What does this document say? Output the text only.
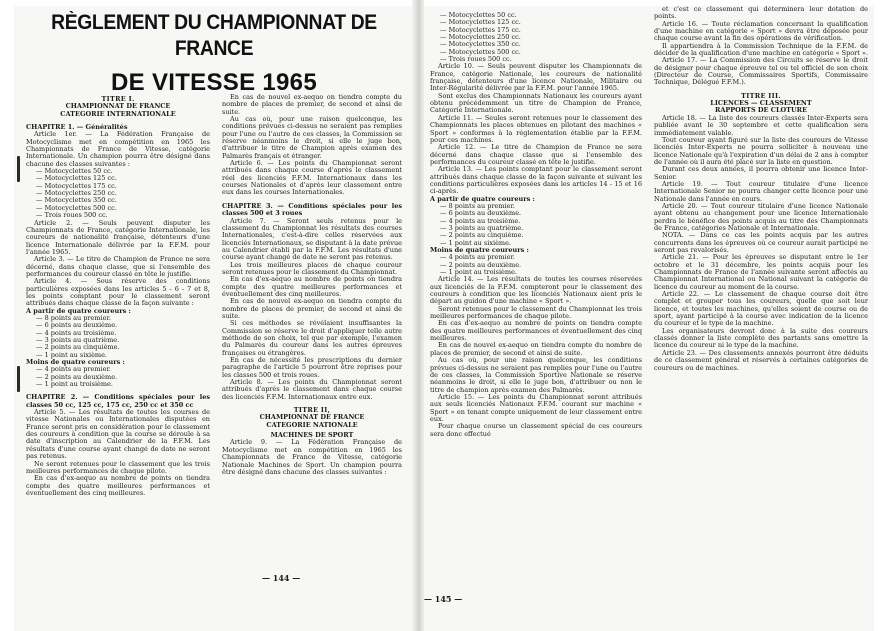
RÈGLEMENT DU CHAMPIONNAT DE FRANCE
DE VITESSE 1965

TITRE I.

CHAMPIONNAT DE FRANCE

CATEGORIE INTERNATIONALE

CHAPITRE 1. — Généralités

Article 1er. — La Fédération Française de Motocyclisme met en compétition en 1965 les Championnats de France de Vitesse, catégorie Internationale. Un champion pourra être désigné dans chacune des classes suivantes :

— Motocyclettes 50 cc.
— Motocyclettes 125 cc.
— Motocyclettes 175 cc.
— Motocyclettes 250 cc.
— Motocyclettes 350 cc.
— Motocyclettes 500 cc.
— Trois roues 500 cc.

Article 2. — Seuls peuvent disputer les Championnats de France, catégorie Internationale, les coureurs de nationalité française, détenteurs d'une licence Internationale délivrée par la F.F.M. pour l'année 1965.

Article 3. — Le titre de Champion de France ne sera décerné, dans chaque classe, que si l'ensemble des performances du coureur classé en tête le justifie.

Article 4. — Sous réserve des conditions particulières exposées dans les articles 5 - 6 - 7 et 8, les points comptant pour le classement seront attribués dans chaque classe de la façon suivante :

A partir de quatre coureurs :

— 8 points au premier.
— 6 points au deuxième.
— 4 points au troisième.
— 3 points au quatrième.
— 2 points au cinquième.
— 1 point au sixième.

Moins de quatre coureurs :

— 4 points au premier.
— 2 points au deuxième.
— 1 point au troisième.

CHAPITRE 2. — Conditions spéciales pour les classes 50 cc, 125 cc, 175 cc, 250 cc et 350 cc

Article 5. — Les résultats de toutes les courses de vitesse Nationales ou Internationales disputées en France seront pris en considération pour le classement des coureurs à condition que la course se déroule à sa date d'inscription au Calendrier de la F.F.M. Les résultats d'une course ayant changé de date ne seront pas retenus.

Ne seront retenues pour le classement que les trois meilleures performances de chaque pilote.

En cas d'ex-aequo au nombre de points on tiendra compte des quatre meilleures performances et éventuellement des cinq meilleures.

En cas de nouvel ex-aequo on tiendra compte du nombre de places de premier, de second et ainsi de suite.

Au cas où, pour une raison quelconque, les conditions prévues ci-dessus ne seraient pas remplies pour l'une ou l'autre de ces classes, la Commission se réserve néanmoins le droit, si elle le juge bon, d'attribuer le titre de Champion après examen des Palmarès français et étranger.

Article 6. — Les points du Championnat seront attribués dans chaque course d'après le classement réel des licenciés F.F.M. Internationaux dans les courses Nationales et d'après leur classement entre eux dans les courses Internationales.

CHAPITRE 3. — Conditions spéciales pour les classes 500 et 3 roues

Article 7. — Seront seuls retenus pour le classement du Championnat les résultats des courses Internationales, c'est-à-dire celles réservées aux licenciés Internationaux, se disputant à la date prévue au Calendrier établi par la F.F.M. Les résultats d'une course ayant changé de date ne seront pas retenus.

Les trois meilleures places de chaque coureur seront retenues pour le classement du Championnat.

En cas d'ex-aequo au nombre de points on tiendra compte des quatre meilleures performances et éventuellement des cinq meilleures.

En cas de nouvel ex-aequo on tiendra compte du nombre de places de premier, de second et ainsi de suite.

Si ces méthodes se révélaient insuffisantes la Commission se réserve le droit d'appliquer telle autre méthode de son choix, tel que par exemple, l'examen du Palmarès du coureur dans les autres épreuves françaises ou étrangères.

En cas de nécessité les prescriptions du dernier paragraphe de l'article 5 pourront être reprises pour les classes 500 et trois roues.

Article 8. — Les points du Championnat seront attribués d'après le classement dans chaque course des licenciés F.F.M. Internationaux entre eux.

TITRE II,

CHAMPIONNAT DE FRANCE

CATEGORIE NATIONALE

MACHINES DE SPORT

Article 9. — La Fédération Française de Motocyclisme met en compétition en 1965 les Championnats de France de Vitesse, catégorie Nationale Machines de Sport. Un champion pourra être désigné dans chacune des classes suivantes :

— 144 —
— Motocyclettes 50 cc.
— Motocyclettes 125 cc.
— Motocyclettes 175 cc.
— Motocyclettes 250 cc.
— Motocyclettes 350 cc.
— Motocyclettes 500 cc.
— Trois roues 500 cc.

Article 10. — Seuls peuvent disputer les Championnats de France, catégorie Nationale, les coureurs de nationalité française, détenteurs d'une licence Nationale, Militaire ou Inter-Régularité délivrée par la F.F.M. pour l'année 1965.

Sont exclus des Championnats Nationaux les coureurs ayant obtenu précédemment un titre de Champion de France, Catégorie Internationale.

Article 11. — Seules seront retenues pour le classement des Championnats les places obtenues en pilotant des machines « Sport » conformes à la réglementation établie par la F.F.M. pour ces machines.

Article 12. — Le titre de Champion de France ne sera décerné dans chaque classe que si l'ensemble des performances du coureur classé en tête le justifie.

Article 13. — Les points comptant pour le classement seront attribués dans chaque classe de la façon suivante et suivant les conditions particulières exposées dans les articles 14 - 15 et 16 ci-après.

A partir de quatre coureurs :

— 8 points au premier.
— 6 points au deuxième.
— 4 points au troisième.
— 3 points au quatrième.
— 2 points au cinquième.
— 1 point au sixième.

Moins de quatre coureurs :

— 4 points au premier.
— 2 points au deuxième.
— 1 point au troisième.

Article 14. — Les résultats de toutes les courses réservées aux licenciés de la F.F.M. compteront pour le classement des coureurs à condition que les licenciés Nationaux aient pris le départ au guidon d'une machine « Sport ».

Seront retenues pour le classement du Championnat les trois meilleures performances de chaque pilote.

En cas d'ex-aequo au nombre de points on tiendra compte des quatre meilleures performances et éventuellement des cinq meilleures.

En cas de nouvel ex-aequo on tiendra compte du nombre de places de premier, de second et ainsi de suite.

Au cas où, pour une raison quelconque, les conditions prévues ci-dessus ne seraient pas remplies pour l'une ou l'autre de ces classes, la Commission Sportive Nationale se réserve néanmoins le droit, si elle le juge bon, d'attribuer ou non le titre de champion après examen des Palmarès.

Article 15. — Les points du Championnat seront attribués aux seuls licenciés Nationaux F.F.M. courant sur machine « Sport » en tenant compte uniquement de leur classement entre eux.

Pour chaque course un classement spécial de ces coureurs sera donc effectué

et c'est ce classement qui déterminera leur dotation de points.

Article 16. — Toute réclamation concernant la qualification d'une machine en catégorie « Sport » devra être déposée pour chaque course avant la fin des opérations de vérification.

Il appartiendra à la Commission Technique de la F.F.M. de décider de la qualification d'une machine en catégorie « Sport ».

Article 17. — La Commission des Circuits se réserve le droit de désigner pour chaque épreuve tel ou tel officiel de son choix (Directeur de Course, Commissaires Sportifs, Commissaire Technique, Délégué F.F.M.).

TITRE III.

LICENCES — CLASSEMENT

RAPPORTS DE CLOTURE

Article 18. — La liste des coureurs classés Inter-Experts sera publiée avant le 30 septembre et cette qualification sera immédiatement valable.

Tout coureur ayant figuré sur la liste des coureurs de Vitesse licenciés Inter-Experts ne pourra solliciter à nouveau une licence Nationale qu'à l'expiration d'un délai de 2 ans à compter de l'année où il aura été placé sur la liste en question.

Durant ces deux années, il pourra obtenir une licence Inter-Senior.

Article 19. — Tout coureur titulaire d'une licence Internationale Senior ne pourra changer cette licence pour une Nationale dans l'année en cours.

Article 20. — Tout coureur titulaire d'une licence Nationale ayant obtenu au changement pour une licence Internationale perdra le bénéfice des points acquis au titre des Championnats de France, catégories Nationale et Internationale.

NOTA. — Dans ce cas les points acquis par les autres concurrents dans les épreuves où ce coureur aurait participé ne seront pas revalorisés.

Article 21. — Pour les épreuves se disputant entre le 1er octobre et le 31 décembre, les points acquis pour les Championnats de France de l'année suivante seront affectés au Championnat International ou National suivant la catégorie de licence du coureur au moment de la course.

Article 22. — Le classement de chaque course doit être complet et grouper tous les coureurs, quelle que soit leur licence, et toutes les machines, qu'elles soient de course ou de sport, ayant participé à la course avec indication de la licence du coureur et le type de la machine.

Les organisateurs devront donc à la suite des coureurs classés donner la liste complète des partants sans omettre la licence du coureur ni le type de la machine.

Article 23. — Des classements annexés pourront être déduits de ce classement général et réservés à certaines catégories de coureurs ou de machines.

— 145 —
